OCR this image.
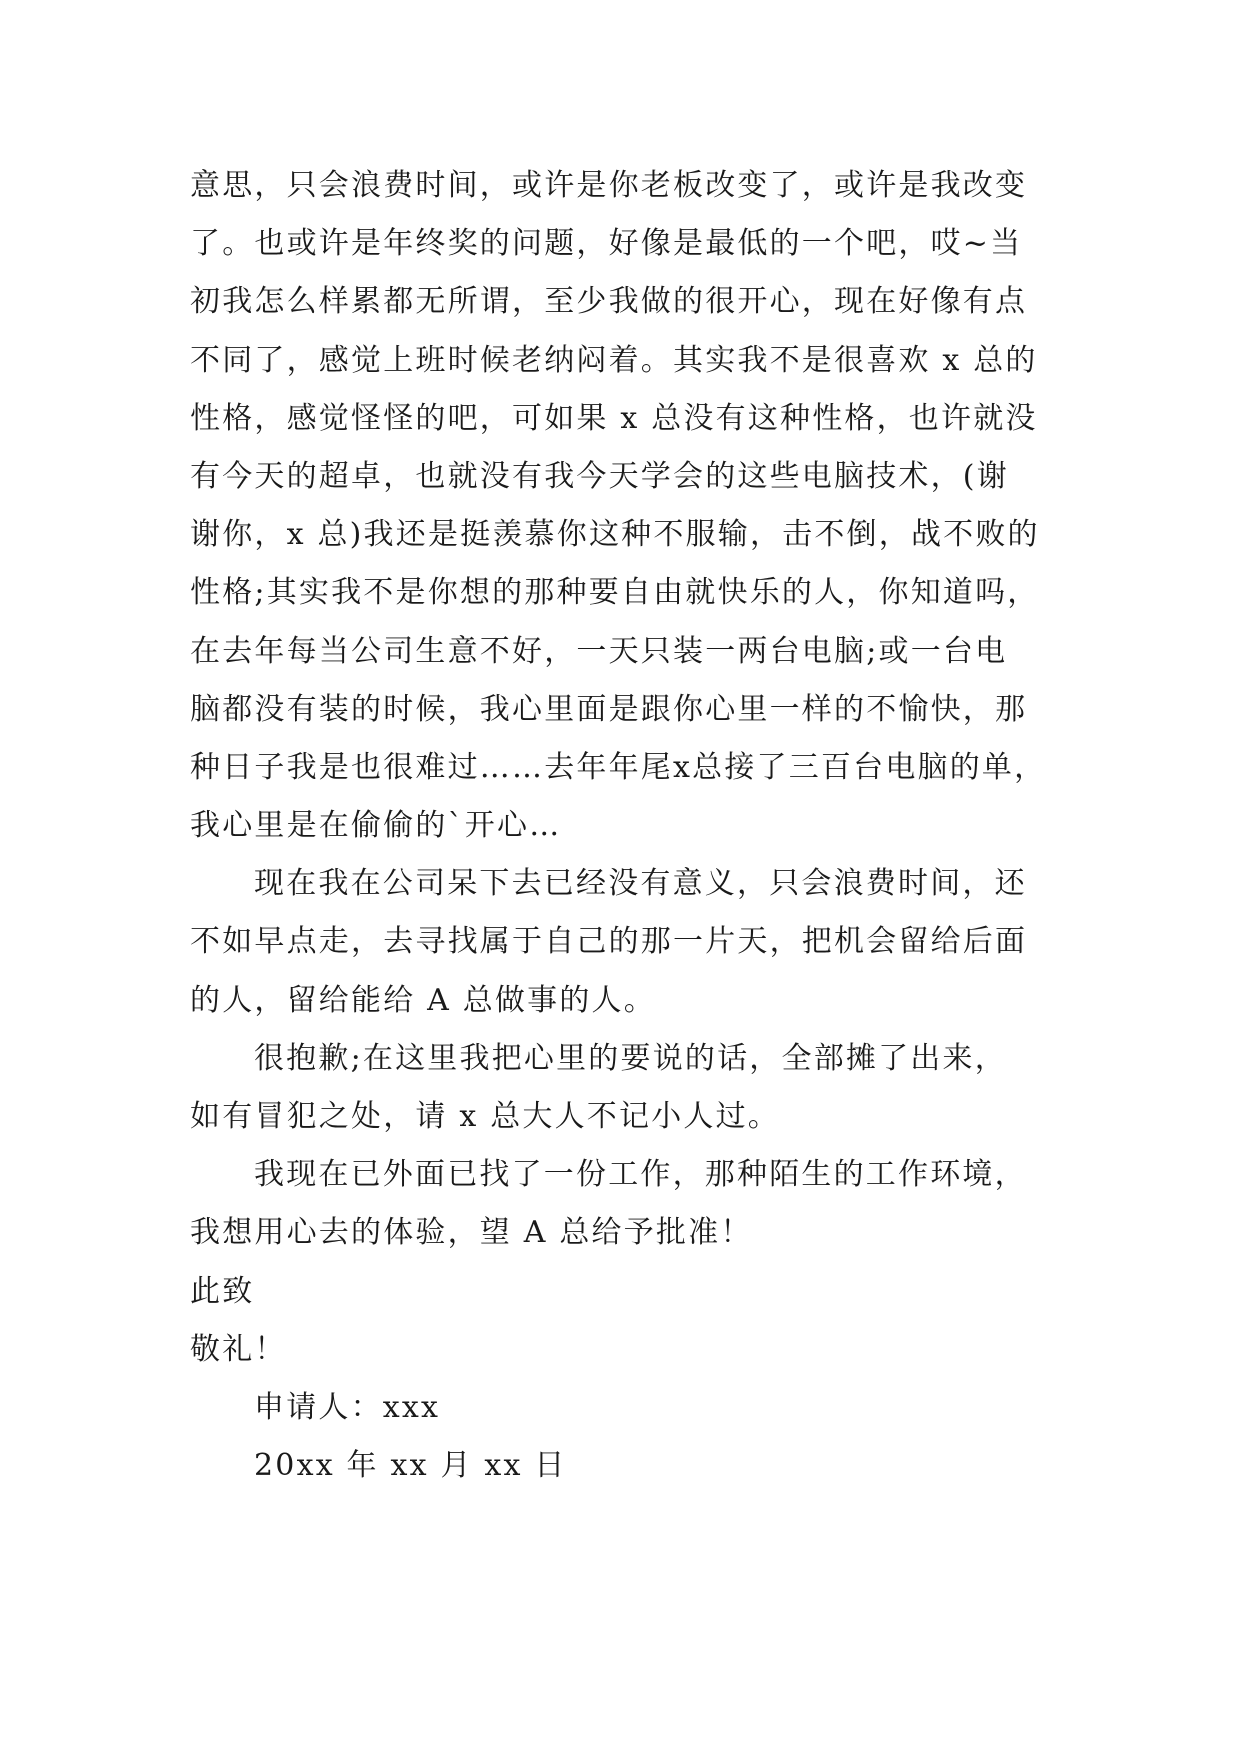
意思，只会浪费时间，或许是你老板改变了，或许是我改变
了。也或许是年终奖的问题，好像是最低的一个吧，哎~当
初我怎么样累都无所谓，至少我做的很开心，现在好像有点
不同了，感觉上班时候老纳闷着。其实我不是很喜欢 x 总的
性格，感觉怪怪的吧，可如果 x 总没有这种性格，也许就没
有今天的超卓，也就没有我今天学会的这些电脑技术，(谢
谢你，x 总)我还是挺羡慕你这种不服输，击不倒，战不败的
性格;其实我不是你想的那种要自由就快乐的人，你知道吗，
在去年每当公司生意不好，一天只装一两台电脑;或一台电
脑都没有装的时候，我心里面是跟你心里一样的不愉快，那
种日子我是也很难过……去年年尾x总接了三百台电脑的单，
我心里是在偷偷的`开心…
现在我在公司呆下去已经没有意义，只会浪费时间，还
不如早点走，去寻找属于自己的那一片天，把机会留给后面
的人，留给能给 A 总做事的人。
很抱歉;在这里我把心里的要说的话，全部摊了出来，
如有冒犯之处，请 x 总大人不记小人过。
我现在已外面已找了一份工作，那种陌生的工作环境，
我想用心去的体验，望 A 总给予批准！
此致
敬礼！
申请人：xxx
20xx 年 xx 月 xx 日
